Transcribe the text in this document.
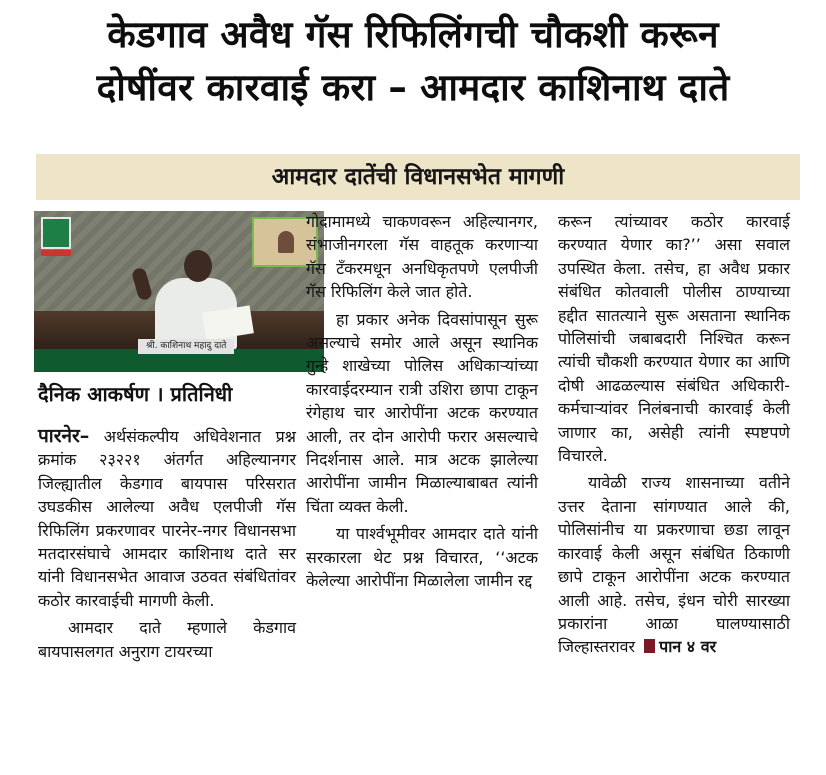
केडगाव अवैध गॅस रिफिलिंगची चौकशी करून
दोषींवर कारवाई करा – आमदार काशिनाथ दाते
आमदार दातेंची विधानसभेत मागणी
श्री. काशिनाथ महादु दाते
दैनिक आकर्षण । प्रतिनिधी

पारनेर– अर्थसंकल्पीय अधिवेशनात प्रश्न क्रमांक २३२२१ अंतर्गत अहिल्यानगर जिल्ह्यातील केडगाव बायपास परिसरात उघडकीस आलेल्या अवैध एलपीजी गॅस रिफिलिंग प्रकरणावर पारनेर-नगर विधानसभा मतदारसंघाचे आमदार काशिनाथ दाते सर यांनी विधानसभेत आवाज उठवत संबंधितांवर कठोर कारवाईची मागणी केली.

आमदार दाते म्हणाले केडगाव बायपासलगत अनुराग टायरच्या

गोदामामध्ये चाकणवरून अहिल्यानगर, संभाजीनगरला गॅस वाहतूक करणाऱ्या गॅस टँकरमधून अनधिकृतपणे एलपीजी गॅस रिफिलिंग केले जात होते.

हा प्रकार अनेक दिवसांपासून सुरू असल्याचे समोर आले असून स्थानिक गुन्हे शाखेच्या पोलिस अधिकाऱ्यांच्या कारवाईदरम्यान रात्री उशिरा छापा टाकून रंगेहाथ चार आरोपींना अटक करण्यात आली, तर दोन आरोपी फरार असल्याचे निदर्शनास आले. मात्र अटक झालेल्या आरोपींना जामीन मिळाल्याबाबत त्यांनी चिंता व्यक्त केली.

या पार्श्वभूमीवर आमदार दाते यांनी सरकारला थेट प्रश्न विचारत, ‘‘अटक केलेल्या आरोपींना मिळालेला जामीन रद्द

करून त्यांच्यावर कठोर कारवाई करण्यात येणार का?’’ असा सवाल उपस्थित केला. तसेच, हा अवैध प्रकार संबंधित कोतवाली पोलीस ठाण्याच्या हद्दीत सातत्याने सुरू असताना स्थानिक पोलिसांची जबाबदारी निश्चित करून त्यांची चौकशी करण्यात येणार का आणि दोषी आढळल्यास संबंधित अधिकारी-कर्मचाऱ्यांवर निलंबनाची कारवाई केली जाणार का, असेही त्यांनी स्पष्टपणे विचारले.

यावेळी राज्य शासनाच्या वतीने उत्तर देताना सांगण्यात आले की, पोलिसांनीच या प्रकरणाचा छडा लावून कारवाई केली असून संबंधित ठिकाणी छापे टाकून आरोपींना अटक करण्यात आली आहे. तसेच, इंधन चोरी सारख्या प्रकारांना आळा घालण्यासाठी जिल्हास्तरावर पान ४ वर
